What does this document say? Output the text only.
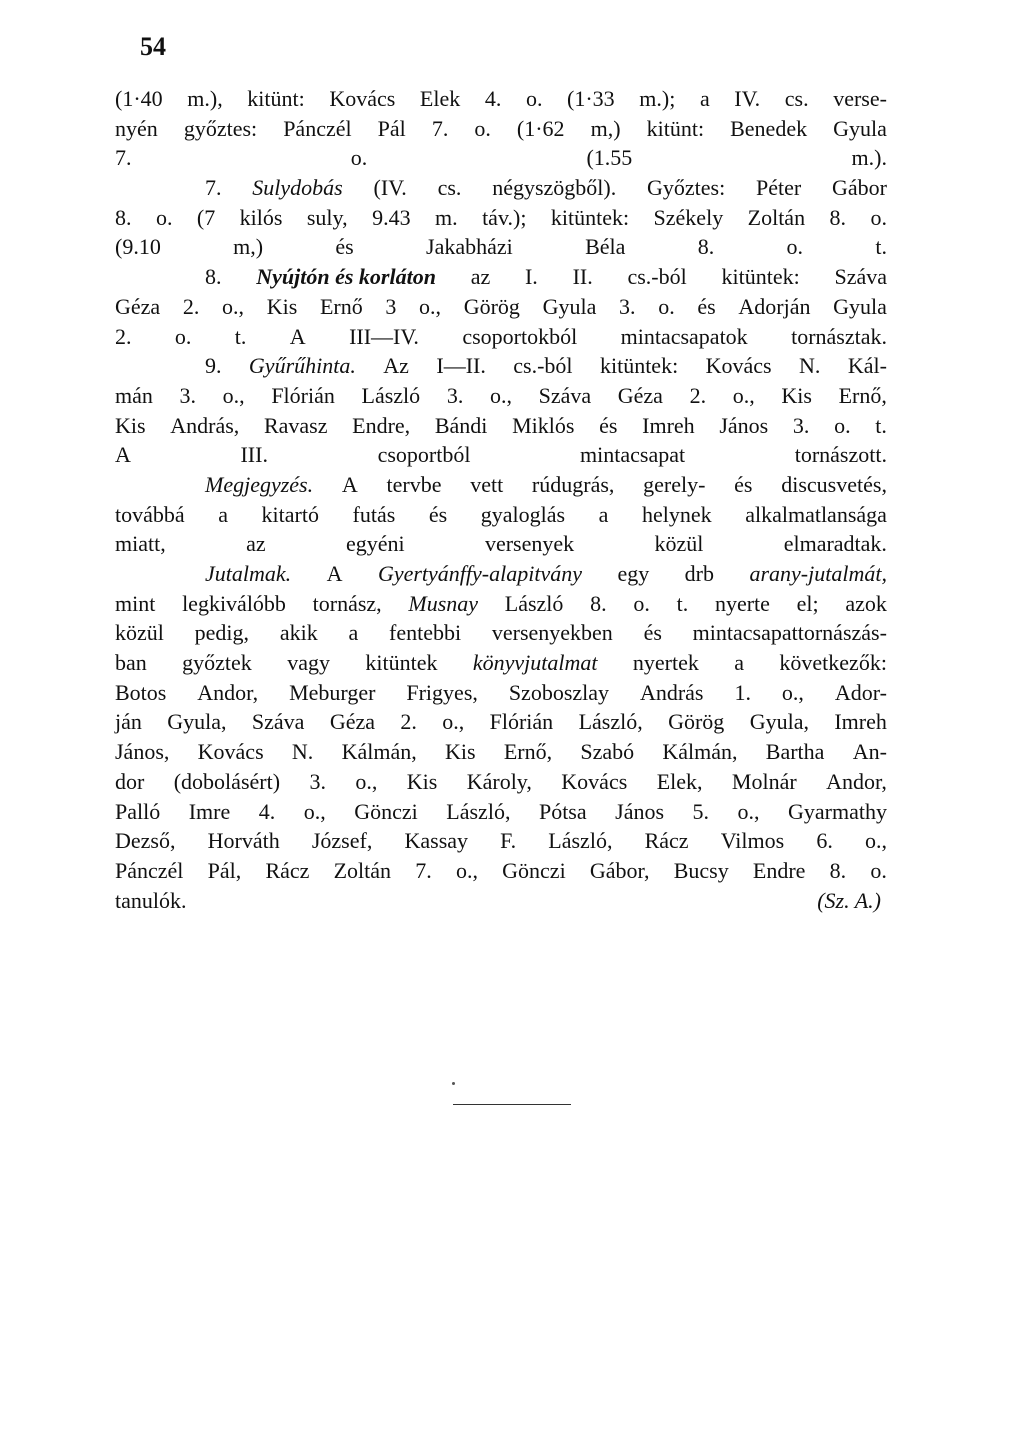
54
(1·40 m.), kitünt: Kovács Elek 4. o. (1·33 m.); a IV. cs. verse-
nyén győztes: Pánczél Pál 7. o. (1·62 m,) kitünt: Benedek Gyula
7.	o.	(1.55	m.).
7. Sulydobás (IV. cs. négyszögből). Győztes: Péter Gábor
8. o. (7 kilós suly, 9.43 m. táv.); kitüntek: Székely Zoltán 8. o.
(9.10	m,)	és	Jakabházi	Béla	8.	o.	t.
8. Nyújtón és korláton az I. II. cs.-ból kitüntek: Száva
Géza 2. o., Kis Ernő 3 o., Görög Gyula 3. o. és Adorján Gyula
2. o. t. A III—IV. csoportokból mintacsapatok tornásztak.
9. Gyűrűhinta. Az I—II. cs.-ból kitüntek: Kovács N. Kál-
mán 3. o., Flórián László 3. o., Száva Géza 2. o., Kis Ernő,
Kis András, Ravasz Endre, Bándi Miklós és Imreh János 3. o. t.
A	III.	csoportból	mintacsapat	tornászott.
Megjegyzés. A tervbe vett rúdugrás, gerely- és discusvetés,
továbbá a kitartó futás és gyaloglás a helynek alkalmatlansága
miatt,	az	egyéni	versenyek	közül	elmaradtak.
Jutalmak. A Gyertyánffy-alapitvány egy drb arany-jutalmát,
mint legkiválóbb tornász, Musnay László 8. o. t. nyerte el; azok
közül pedig, akik a fentebbi versenyekben és mintacsapattornászás-
ban győztek vagy kitüntek könyvjutalmat nyertek a következők:
Botos Andor, Meburger Frigyes, Szoboszlay András 1. o., Ador-
ján Gyula, Száva Géza 2. o., Flórián László, Görög Gyula, Imreh
János, Kovács N. Kálmán, Kis Ernő, Szabó Kálmán, Bartha An-
dor (dobolásért) 3. o., Kis Károly, Kovács Elek, Molnár Andor,
Palló Imre 4. o., Gönczi László, Pótsa János 5. o., Gyarmathy
Dezső, Horváth József, Kassay F. László, Rácz Vilmos 6. o.,
Pánczél Pál, Rácz Zoltán 7. o., Gönczi Gábor, Bucsy Endre 8. o.
tanulók.	(Sz. A.)
